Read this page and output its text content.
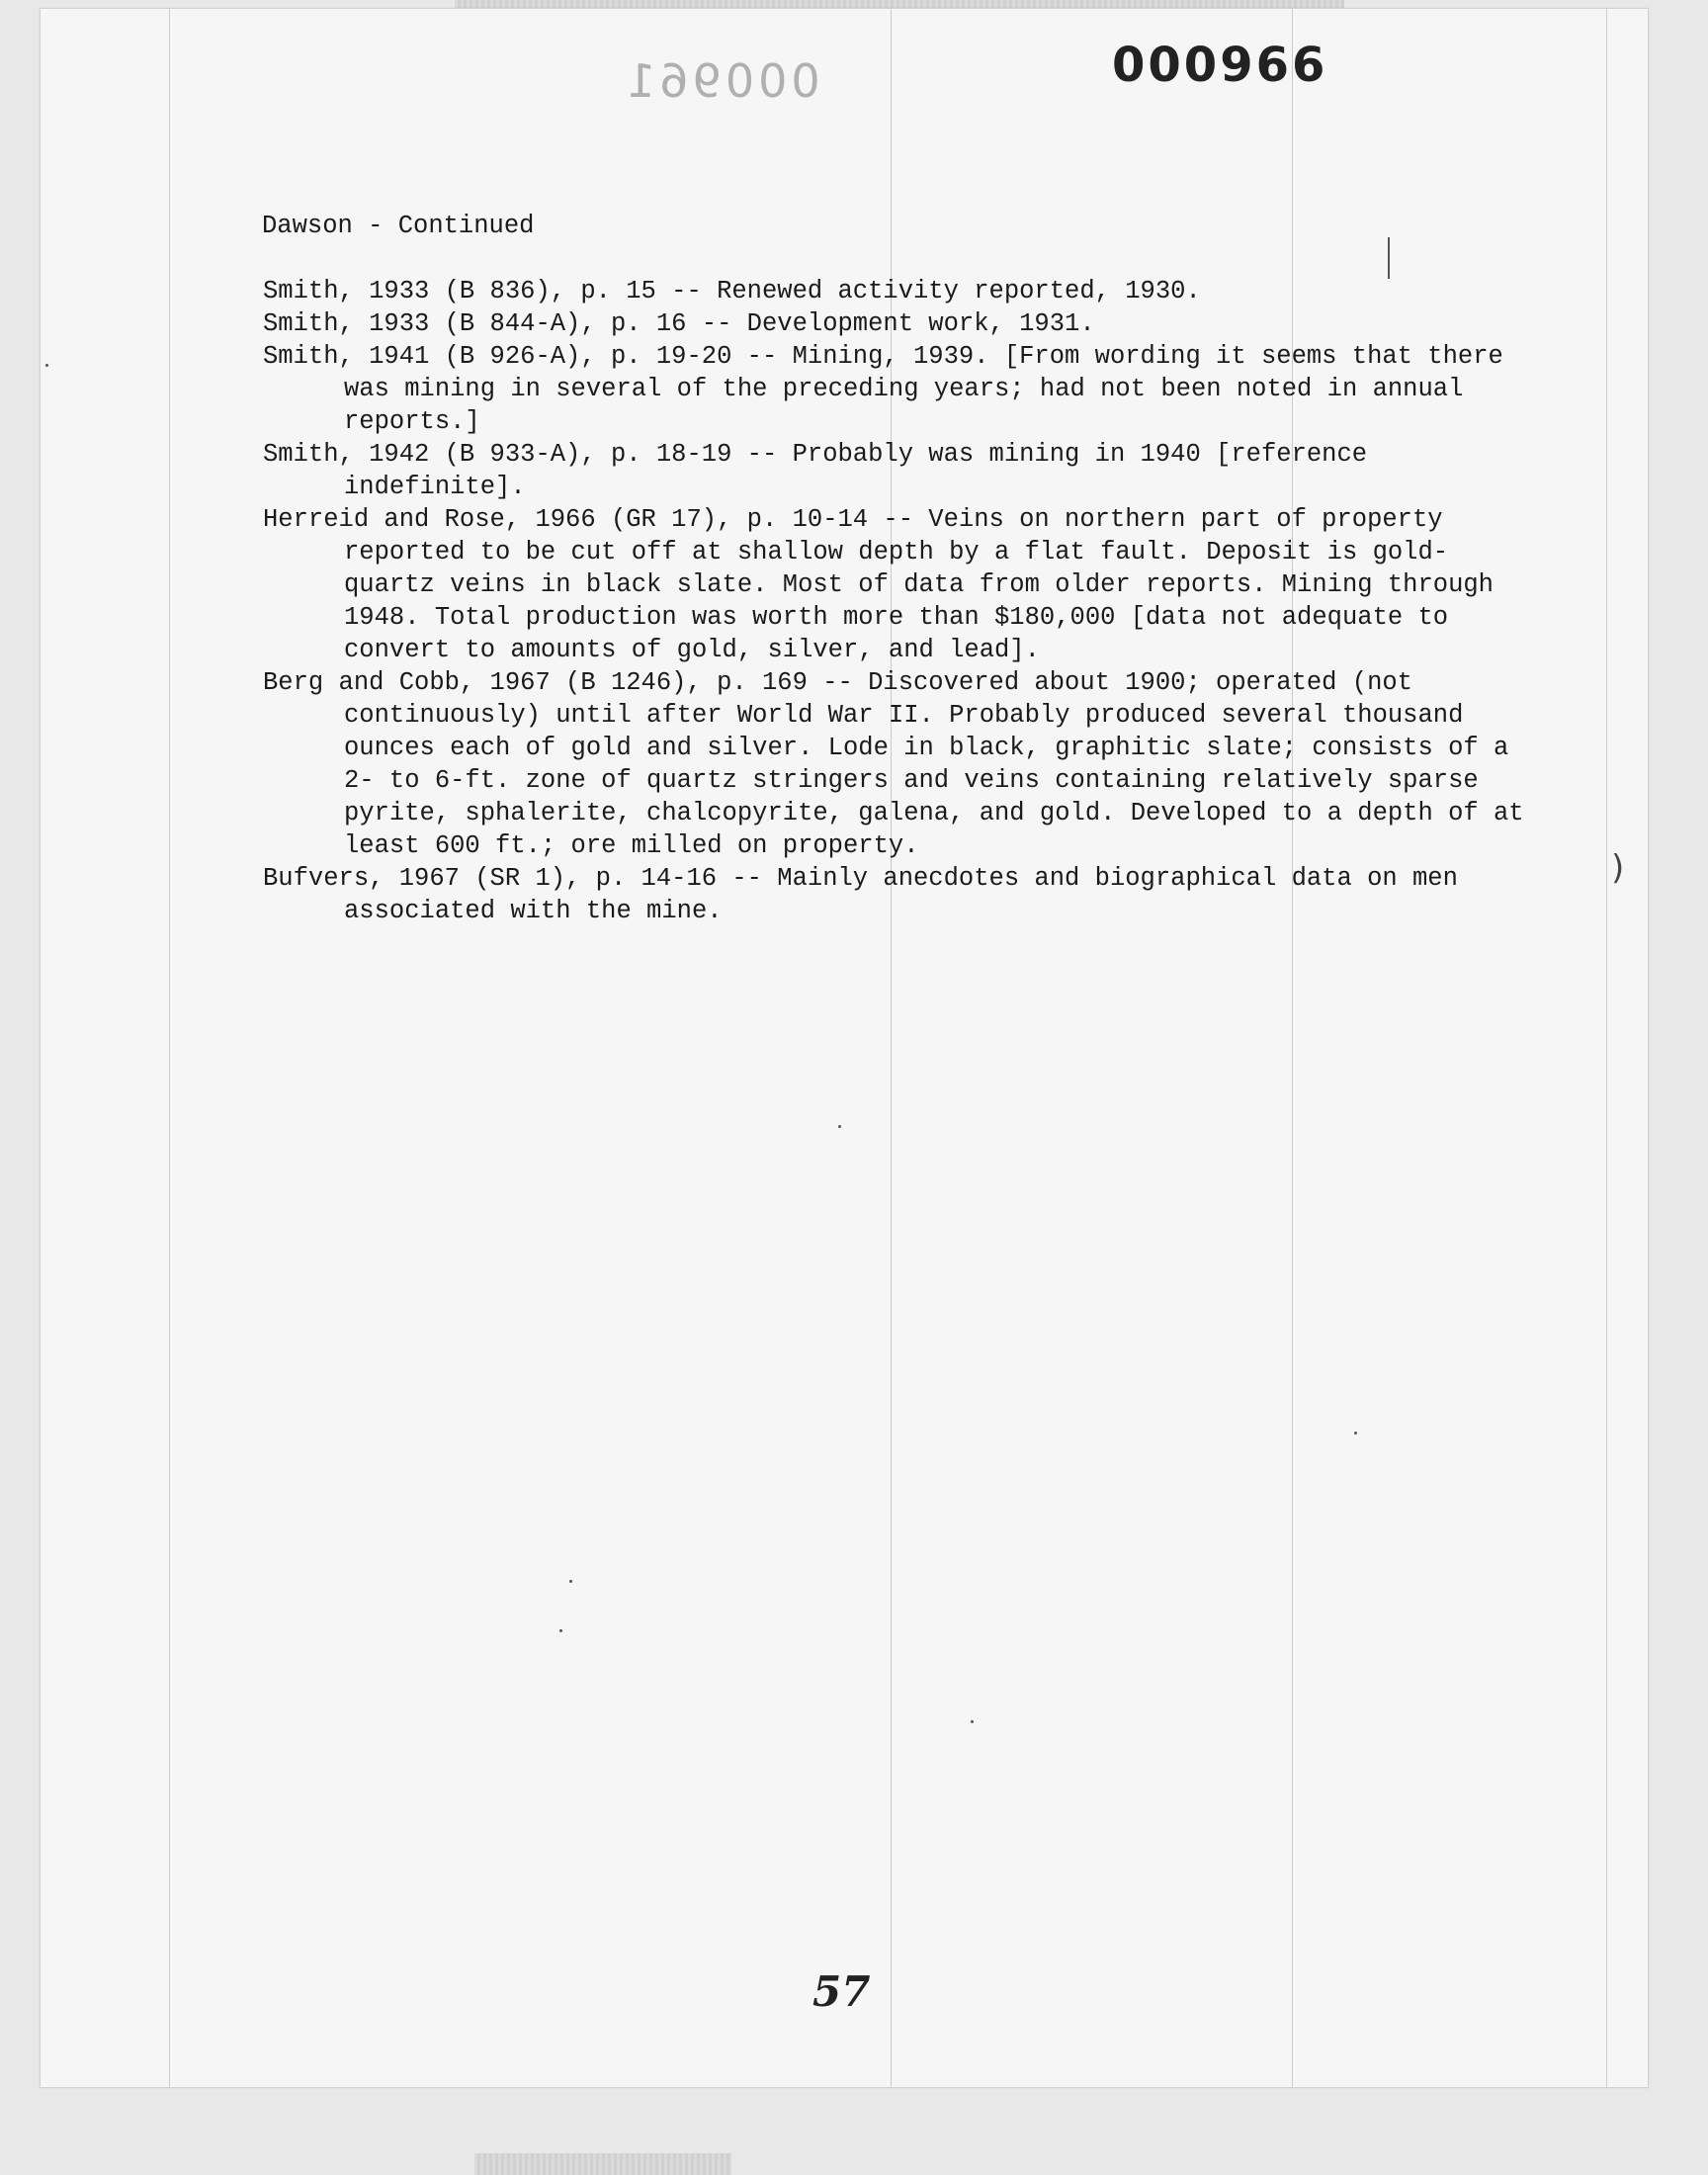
000961	000966
Dawson - Continued

Smith, 1933 (B 836), p. 15 -- Renewed activity reported, 1930.

Smith, 1933 (B 844-A), p. 16 -- Development work, 1931.

Smith, 1941 (B 926-A), p. 19-20 -- Mining, 1939. [From wording it seems that there was mining in several of the preceding years; had not been noted in annual reports.]

Smith, 1942 (B 933-A), p. 18-19 -- Probably was mining in 1940 [reference indefinite].

Herreid and Rose, 1966 (GR 17), p. 10-14 -- Veins on northern part of property reported to be cut off at shallow depth by a flat fault. Deposit is gold-quartz veins in black slate. Most of data from older reports. Mining through 1948. Total production was worth more than $180,000 [data not adequate to convert to amounts of gold, silver, and lead].

Berg and Cobb, 1967 (B 1246), p. 169 -- Discovered about 1900; operated (not continuously) until after World War II. Probably produced several thousand ounces each of gold and silver. Lode in black, graphitic slate; consists of a 2- to 6-ft. zone of quartz stringers and veins containing relatively sparse pyrite, sphalerite, chalcopyrite, galena, and gold. Developed to a depth of at least 600 ft.; ore milled on property.

Bufvers, 1967 (SR 1), p. 14-16 -- Mainly anecdotes and biographical data on men associated with the mine.

)
57
